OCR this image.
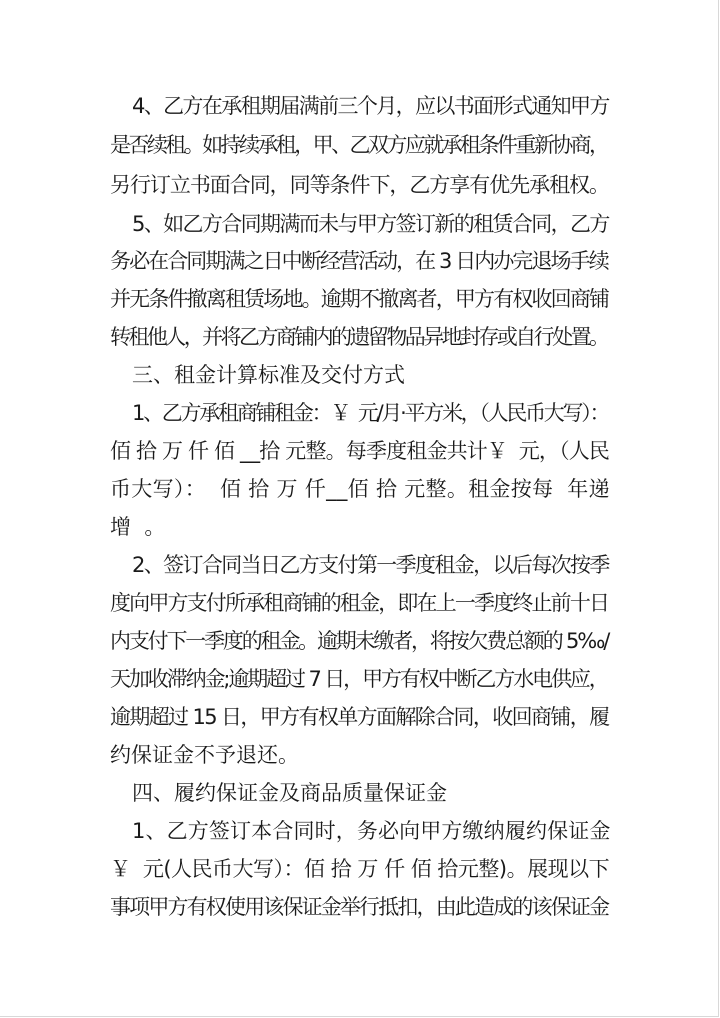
4、乙方在承租期届满前三个月，应以书面形式通知甲方
是否续租。如持续承租，甲、乙双方应就承租条件重新协商，
另行订立书面合同，同等条件下，乙方享有优先承租权。
5、如乙方合同期满而未与甲方签订新的租赁合同，乙方
务必在合同期满之日中断经营活动，在 3 日内办完退场手续
并无条件撤离租赁场地。逾期不撤离者，甲方有权收回商铺
转租他人，并将乙方商铺内的遗留物品异地封存或自行处置。
三、租金计算标准及交付方式
1、乙方承租商铺租金：￥  元/月·平方米，（人民币大写）：
佰 拾 万 仟 佰 __拾 元整。每季度租金共计￥  元，（人民
币大写）：  佰 拾 万 仟__佰 拾 元整。租金按每  年递
增  。
2、签订合同当日乙方支付第一季度租金，以后每次按季
度向甲方支付所承租商铺的租金，即在上一季度终止前十日
内支付下一季度的租金。逾期未缴者，将按欠费总额的 5‰/
天加收滞纳金;逾期超过 7 日，甲方有权中断乙方水电供应，
逾期超过 15 日，甲方有权单方面解除合同，收回商铺，履
约保证金不予退还。
四、履约保证金及商品质量保证金
1、乙方签订本合同时，务必向甲方缴纳履约保证金
￥  元(人民币大写）：佰 拾 万 仟 佰 拾元整)。展现以下
事项甲方有权使用该保证金举行抵扣，由此造成的该保证金
